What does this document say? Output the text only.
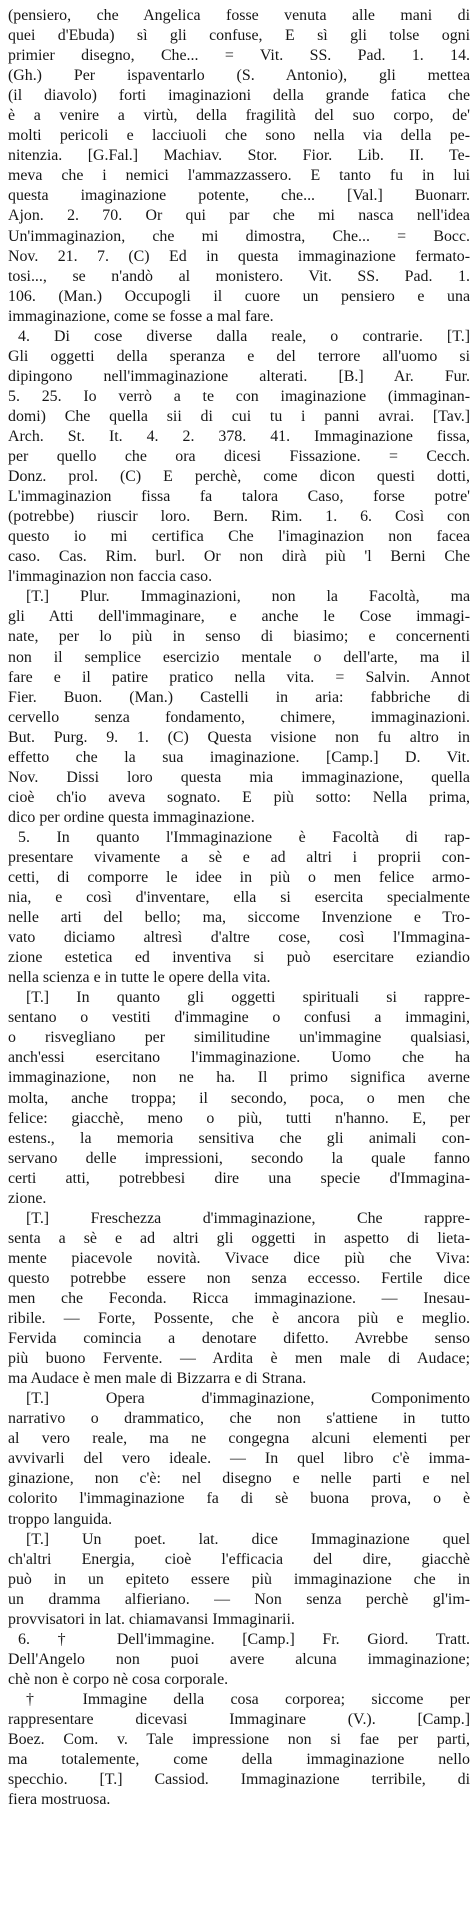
(pensiero, che Angelica fosse venuta alle mani di
quei d'Ebuda) sì gli confuse, E sì gli tolse ogni
primier disegno, Che... = Vit. SS. Pad. 1. 14.
(Gh.) Per ispaventarlo (S. Antonio), gli mettea
(il diavolo) forti imaginazioni della grande fatica che
è a venire a virtù, della fragilità del suo corpo, de'
molti pericoli e lacciuoli che sono nella via della pe-
nitenzia. [G.Fal.] Machiav. Stor. Fior. Lib. II. Te-
meva che i nemici l'ammazzassero. E tanto fu in lui
questa imaginazione potente, che... [Val.] Buonarr.
Ajon. 2. 70. Or qui par che mi nasca nell'idea
Un'immaginazion, che mi dimostra, Che... = Bocc.
Nov. 21. 7. (C) Ed in questa immaginazione fermato-
tosi..., se n'andò al monistero. Vit. SS. Pad. 1.
106. (Man.) Occupogli il cuore un pensiero e una
immaginazione, come se fosse a mal fare.
4. Di cose diverse dalla reale, o contrarie. [T.]
Gli oggetti della speranza e del terrore all'uomo si
dipingono nell'immaginazione alterati. [B.] Ar. Fur.
5. 25. Io verrò a te con imaginazione (immaginan-
domi) Che quella sii di cui tu i panni avrai. [Tav.]
Arch. St. It. 4. 2. 378. 41. Immaginazione fissa,
per quello che ora dicesi Fissazione. = Cecch.
Donz. prol. (C) E perchè, come dicon questi dotti,
L'immaginazion fissa fa talora Caso, forse potre'
(potrebbe) riuscir loro. Bern. Rim. 1. 6. Così con
questo io mi certifica Che l'imaginazion non facea
caso. Cas. Rim. burl. Or non dirà più 'l Berni Che
l'immaginazion non faccia caso.
[T.] Plur. Immaginazioni, non la Facoltà, ma
gli Atti dell'immaginare, e anche le Cose immagi-
nate, per lo più in senso di biasimo; e concernenti
non il semplice esercizio mentale o dell'arte, ma il
fare e il patire pratico nella vita. = Salvin. Annot
Fier. Buon. (Man.) Castelli in aria: fabbriche di
cervello senza fondamento, chimere, immaginazioni.
But. Purg. 9. 1. (C) Questa visione non fu altro in
effetto che la sua imaginazione. [Camp.] D. Vit.
Nov. Dissi loro questa mia immaginazione, quella
cioè ch'io aveva sognato. E più sotto: Nella prima,
dico per ordine questa immaginazione.
5. In quanto l'Immaginazione è Facoltà di rap-
presentare vivamente a sè e ad altri i proprii con-
cetti, di comporre le idee in più o men felice armo-
nia, e così d'inventare, ella si esercita specialmente
nelle arti del bello; ma, siccome Invenzione e Tro-
vato diciamo altresì d'altre cose, così l'Immagina-
zione estetica ed inventiva si può esercitare eziandio
nella scienza e in tutte le opere della vita.
[T.] In quanto gli oggetti spirituali si rappre-
sentano o vestiti d'immagine o confusi a immagini,
o risvegliano per similitudine un'immagine qualsiasi,
anch'essi esercitano l'immaginazione. Uomo che ha
immaginazione, non ne ha. Il primo significa averne
molta, anche troppa; il secondo, poca, o men che
felice: giacchè, meno o più, tutti n'hanno. E, per
estens., la memoria sensitiva che gli animali con-
servano delle impressioni, secondo la quale fanno
certi atti, potrebbesi dire una specie d'Immagina-
zione.
[T.] Freschezza d'immaginazione, Che rappre-
senta a sè e ad altri gli oggetti in aspetto di lieta-
mente piacevole novità. Vivace dice più che Viva:
questo potrebbe essere non senza eccesso. Fertile dice
men che Feconda. Ricca immaginazione. — Inesau-
ribile. — Forte, Possente, che è ancora più e meglio.
Fervida comincia a denotare difetto. Avrebbe senso
più buono Fervente. — Ardita è men male di Audace;
ma Audace è men male di Bizzarra e di Strana.
[T.] Opera d'immaginazione, Componimento
narrativo o drammatico, che non s'attiene in tutto
al vero reale, ma ne congegna alcuni elementi per
avvivarli del vero ideale. — In quel libro c'è imma-
ginazione, non c'è: nel disegno e nelle parti e nel
colorito l'immaginazione fa di sè buona prova, o è
troppo languida.
[T.] Un poet. lat. dice Immaginazione quel
ch'altri Energia, cioè l'efficacia del dire, giacchè
può in un epiteto essere più immaginazione che in
un dramma alfieriano. — Non senza perchè gl'im-
provvisatori in lat. chiamavansi Immaginarii.
6. † Dell'immagine. [Camp.] Fr. Giord. Tratt.
Dell'Angelo non puoi avere alcuna immaginazione;
chè non è corpo nè cosa corporale.
† Immagine della cosa corporea; siccome per
rappresentare dicevasi Immaginare (V.). [Camp.]
Boez. Com. v. Tale impressione non si fae per parti,
ma totalemente, come della immaginazione nello
specchio. [T.] Cassiod. Immaginazione terribile, di
fiera mostruosa.
